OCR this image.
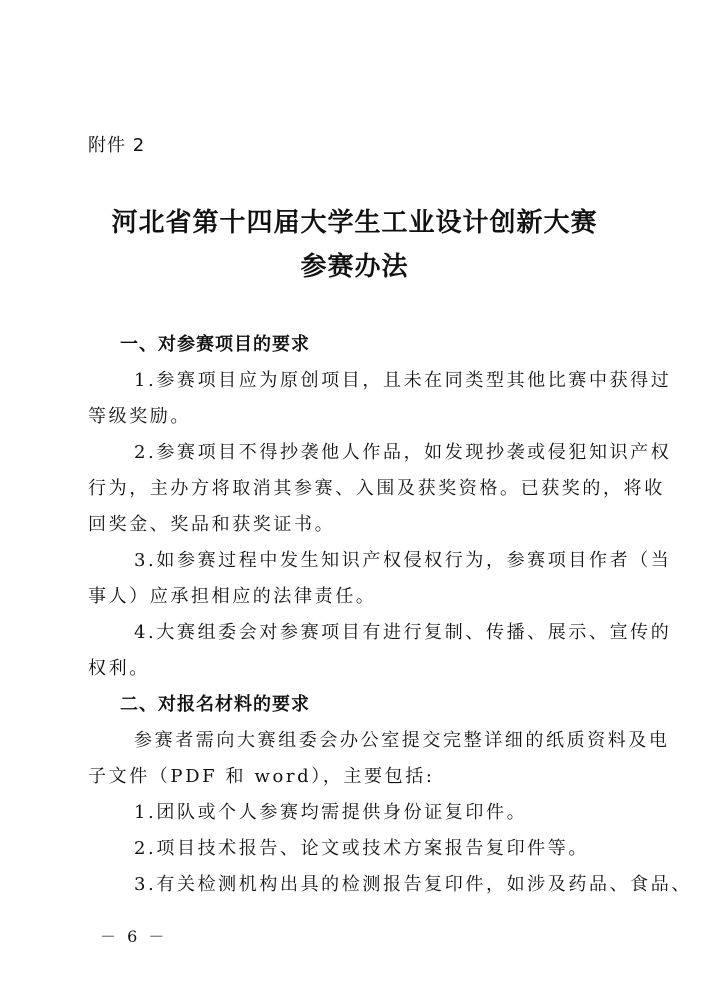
附件 2
河北省第十四届大学生工业设计创新大赛
参赛办法
一、对参赛项目的要求
1.参赛项目应为原创项目，且未在同类型其他比赛中获得过
等级奖励。
2.参赛项目不得抄袭他人作品，如发现抄袭或侵犯知识产权
行为，主办方将取消其参赛、入围及获奖资格。已获奖的，将收
回奖金、奖品和获奖证书。
3.如参赛过程中发生知识产权侵权行为，参赛项目作者（当
事人）应承担相应的法律责任。
4.大赛组委会对参赛项目有进行复制、传播、展示、宣传的
权利。
二、对报名材料的要求
参赛者需向大赛组委会办公室提交完整详细的纸质资料及电
子文件（PDF 和 word），主要包括:
1.团队或个人参赛均需提供身份证复印件。
2.项目技术报告、论文或技术方案报告复印件等。
3.有关检测机构出具的检测报告复印件，如涉及药品、食品、
－ 6 －
